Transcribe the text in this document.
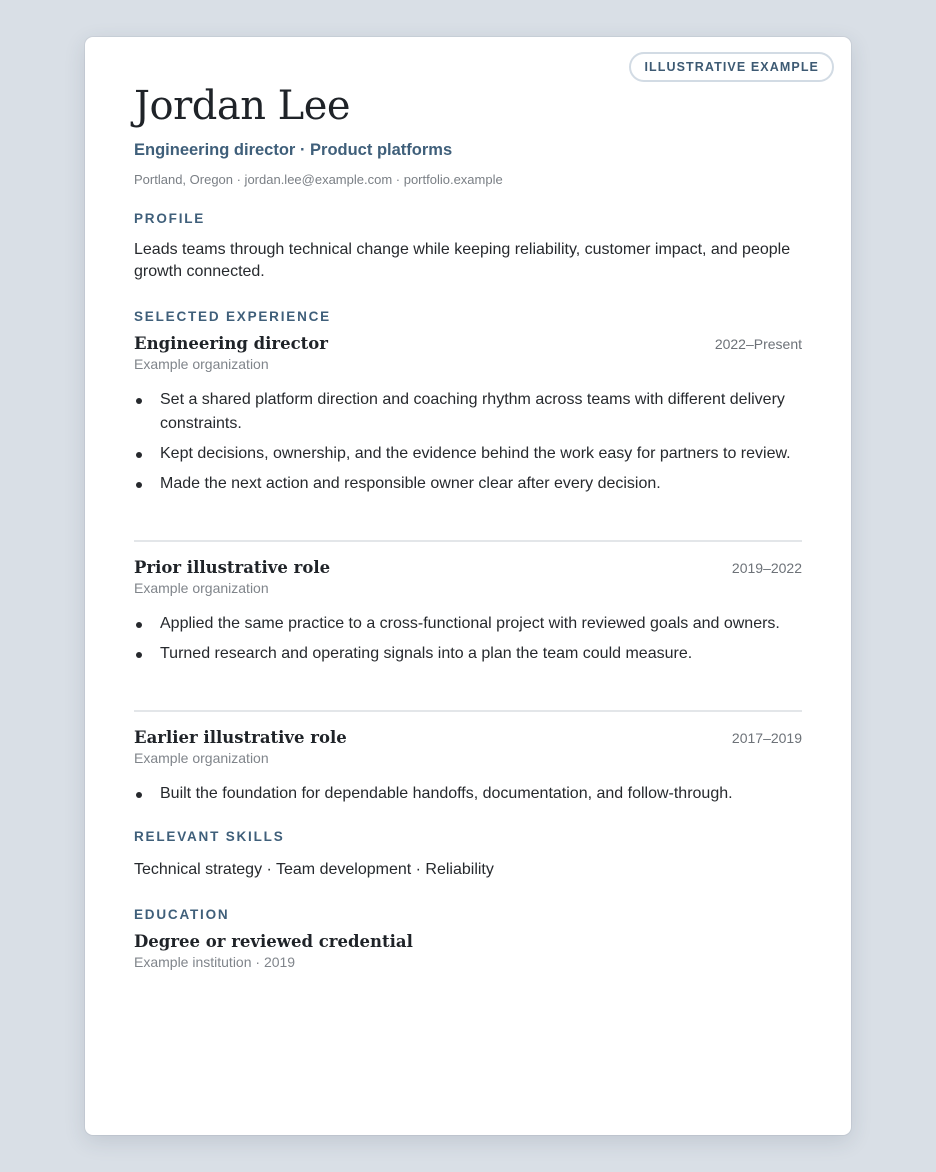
ILLUSTRATIVE EXAMPLE
Jordan Lee
Engineering director · Product platforms
Portland, Oregon · jordan.lee@example.com · portfolio.example
PROFILE
Leads teams through technical change while keeping reliability, customer impact, and people growth connected.
SELECTED EXPERIENCE
Engineering director	2022–Present
Example organization
Set a shared platform direction and coaching rhythm across teams with different delivery constraints.
Kept decisions, ownership, and the evidence behind the work easy for partners to review.
Made the next action and responsible owner clear after every decision.
Prior illustrative role	2019–2022
Example organization
Applied the same practice to a cross-functional project with reviewed goals and owners.
Turned research and operating signals into a plan the team could measure.
Earlier illustrative role	2017–2019
Example organization
Built the foundation for dependable handoffs, documentation, and follow-through.
RELEVANT SKILLS
Technical strategy · Team development · Reliability
EDUCATION
Degree or reviewed credential
Example institution · 2019
